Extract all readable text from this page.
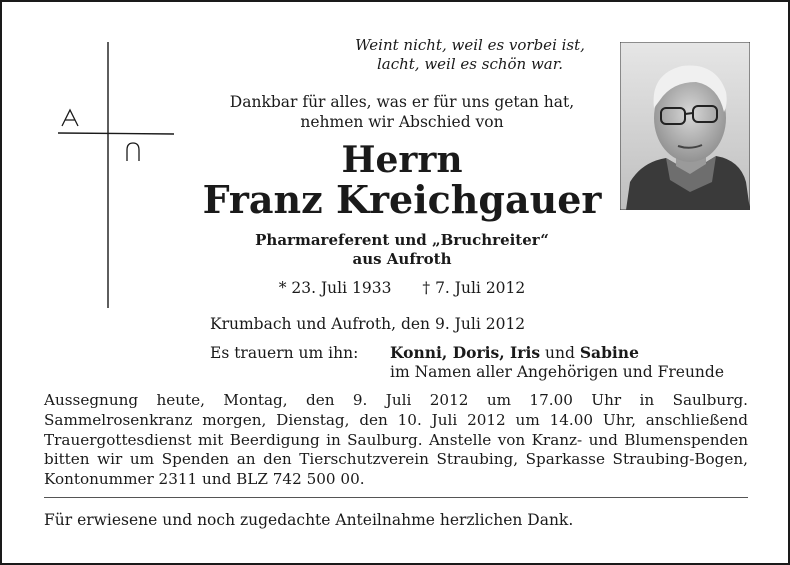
Weint nicht, weil es vorbei ist,
lacht, weil es schön war.
Dankbar für alles, was er für uns getan hat,
nehmen wir Abschied von
Herrn
Franz Kreichgauer
Pharmareferent und „Bruchreiter“
aus Aufroth
* 23. Juli 1933 † 7. Juli 2012
Krumbach und Aufroth, den 9. Juli 2012
Es trauern um ihn: Konni, Doris, Iris und Sabine
im Namen aller Angehörigen und Freunde
Aussegnung heute, Montag, den 9. Juli 2012 um 17.00 Uhr in Saulburg. Sammelrosenkranz morgen, Dienstag, den 10. Juli 2012 um 14.00 Uhr, anschließend Trauergottesdienst mit Beerdigung in Saulburg. Anstelle von Kranz- und Blumenspenden bitten wir um Spenden an den Tierschutzverein Straubing, Sparkasse Straubing-Bogen, Kontonummer 2311 und BLZ 742 500 00.
Für erwiesene und noch zugedachte Anteilnahme herzlichen Dank.
